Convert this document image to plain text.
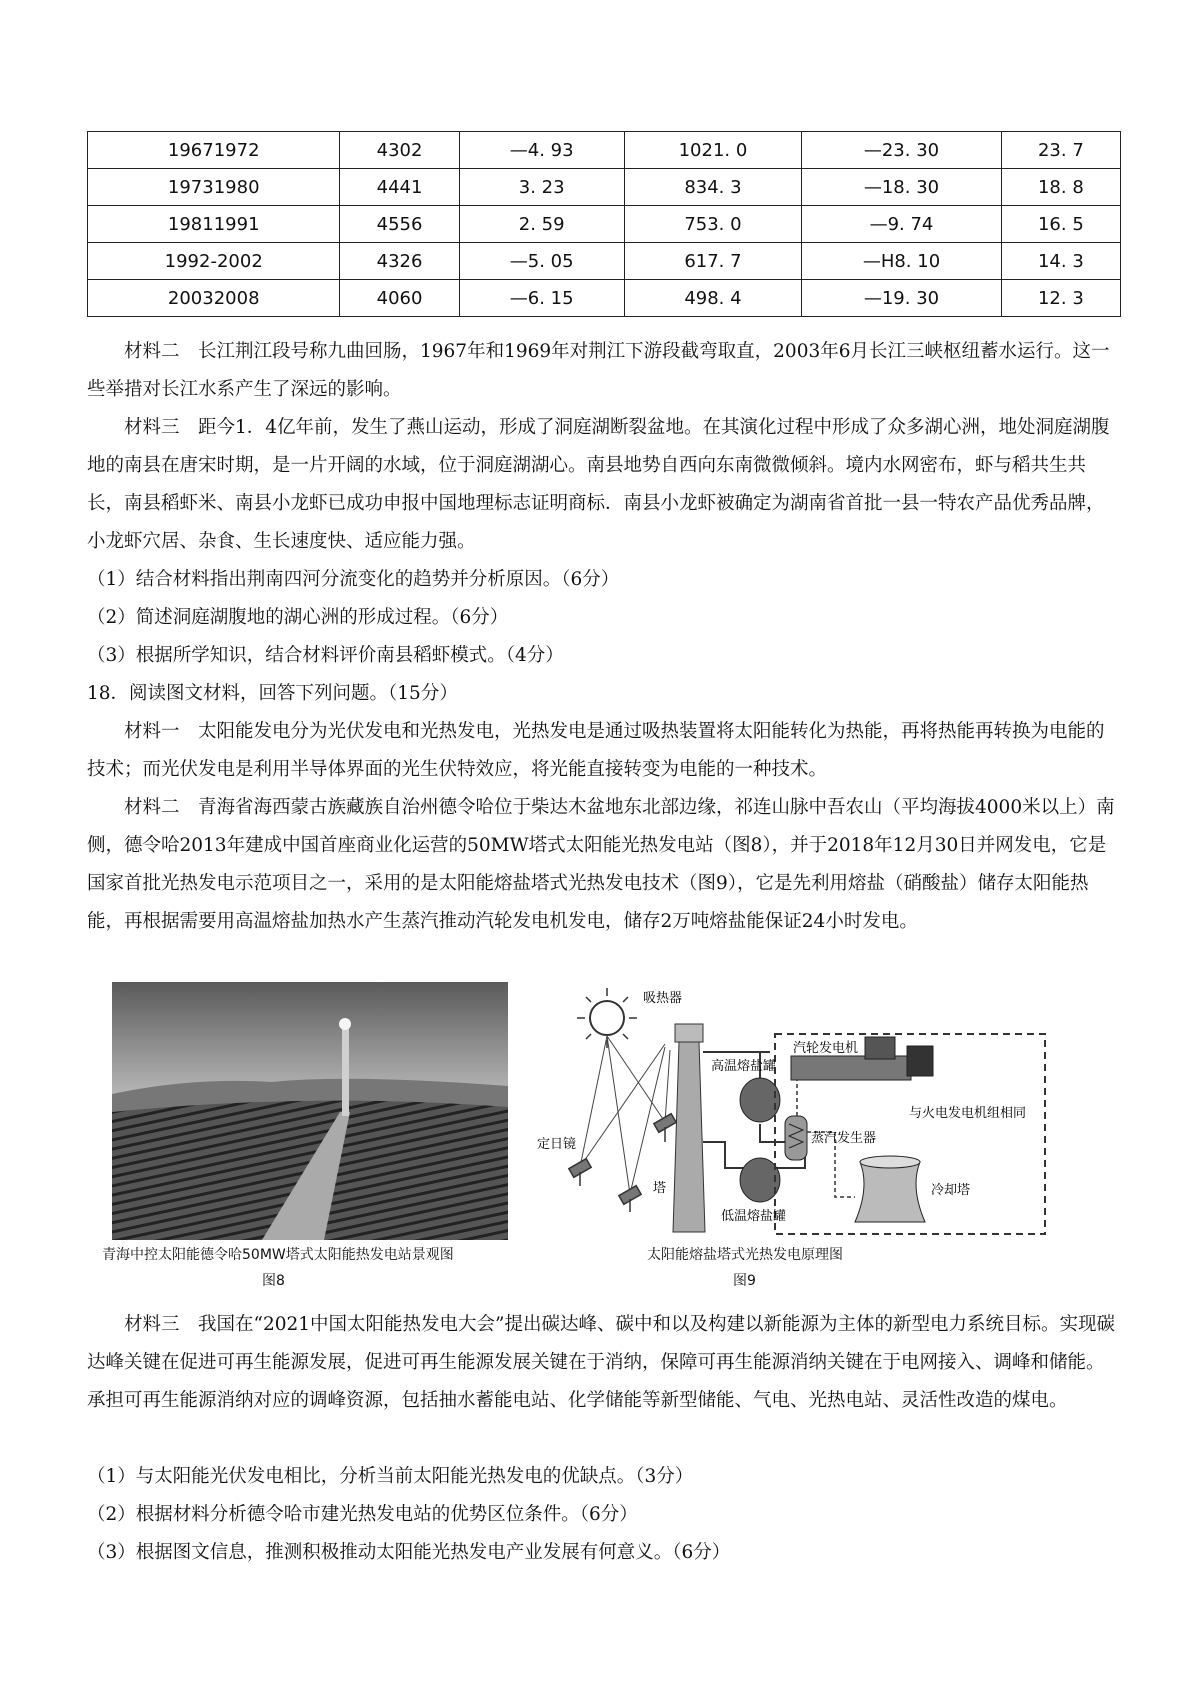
19671972	4302	—4. 93	1021. 0	—23. 30	23. 7
19731980	4441	3. 23	834. 3	—18. 30	18. 8
19811991	4556	2. 59	753. 0	—9. 74	16. 5
1992-2002	4326	—5. 05	617. 7	—H8. 10	14. 3
20032008	4060	—6. 15	498. 4	—19. 30	12. 3

材料二　长江荆江段号称九曲回肠，1967年和1969年对荆江下游段截弯取直，2003年6月长江三峡枢纽蓄水运行。这一些举措对长江水系产生了深远的影响。

材料三　距今1．4亿年前，发生了燕山运动，形成了洞庭湖断裂盆地。在其演化过程中形成了众多湖心洲，地处洞庭湖腹地的南县在唐宋时期，是一片开阔的水域，位于洞庭湖湖心。南县地势自西向东南微微倾斜。境内水网密布，虾与稻共生共长，南县稻虾米、南县小龙虾已成功申报中国地理标志证明商标．南县小龙虾被确定为湖南省首批一县一特农产品优秀品牌，小龙虾穴居、杂食、生长速度快、适应能力强。

（1）结合材料指出荆南四河分流变化的趋势并分析原因。（6分）

（2）简述洞庭湖腹地的湖心洲的形成过程。（6分）

（3）根据所学知识，结合材料评价南县稻虾模式。（4分）

18．阅读图文材料，回答下列问题。（15分）

材料一　太阳能发电分为光伏发电和光热发电，光热发电是通过吸热装置将太阳能转化为热能，再将热能再转换为电能的技术；而光伏发电是利用半导体界面的光生伏特效应，将光能直接转变为电能的一种技术。

材料二　青海省海西蒙古族藏族自治州德令哈位于柴达木盆地东北部边缘，祁连山脉中吾农山（平均海拔4000米以上）南侧，德令哈2013年建成中国首座商业化运营的50MW塔式太阳能光热发电站（图8），并于2018年12月30日并网发电，它是国家首批光热发电示范项目之一，采用的是太阳能熔盐塔式光热发电技术（图9），它是先利用熔盐（硝酸盐）储存太阳能热能，再根据需要用高温熔盐加热水产生蒸汽推动汽轮发电机发电，储存2万吨熔盐能保证24小时发电。

青海中控太阳能德令哈50MW塔式太阳能热发电站景观图
图8
吸热器
高温熔盐罐
汽轮发电机
蒸汽发生器
与火电发电机组相同
定日镜
塔
低温熔盐罐
冷却塔
太阳能熔盐塔式光热发电原理图
图9

材料三　我国在“2021中国太阳能热发电大会”提出碳达峰、碳中和以及构建以新能源为主体的新型电力系统目标。实现碳达峰关键在促进可再生能源发展，促进可再生能源发展关键在于消纳，保障可再生能源消纳关键在于电网接入、调峰和储能。承担可再生能源消纳对应的调峰资源，包括抽水蓄能电站、化学储能等新型储能、气电、光热电站、灵活性改造的煤电。

（1）与太阳能光伏发电相比，分析当前太阳能光热发电的优缺点。（3分）

（2）根据材料分析德令哈市建光热发电站的优势区位条件。（6分）

（3）根据图文信息，推测积极推动太阳能光热发电产业发展有何意义。（6分）
